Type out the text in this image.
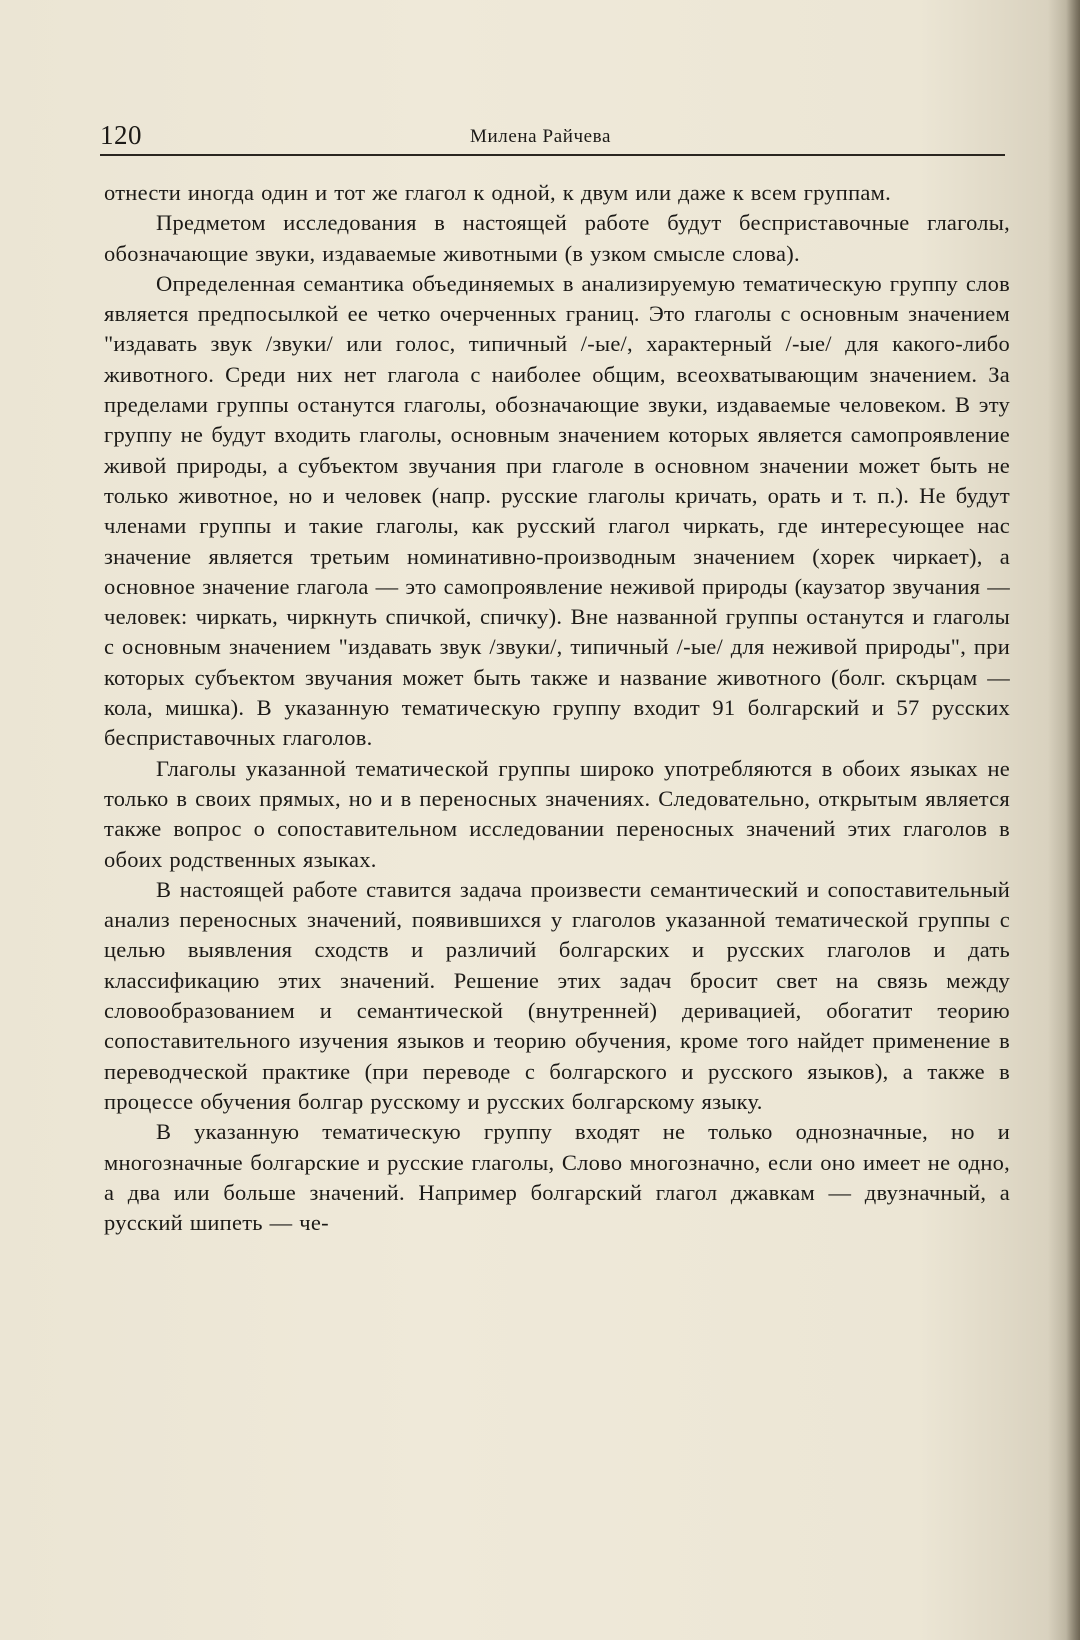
120	Милена Райчева

отнести иногда один и тот же глагол к одной, к двум или даже к всем группам.

Предметом исследования в настоящей работе будут бесприставочные глаголы, обозначающие звуки, издаваемые животными (в узком смысле слова).

Определенная семантика объединяемых в анализируемую тематическую группу слов является предпосылкой ее четко очерченных границ. Это глаголы с основным значением "издавать звук /звуки/ или голос, типичный /-ые/, характерный /-ые/ для какого-либо животного. Среди них нет глагола с наиболее общим, всеохватывающим значением. За пределами группы останутся глаголы, обозначающие звуки, издаваемые человеком. В эту группу не будут входить глаголы, основным значением которых является самопроявление живой природы, а субъектом звучания при глаголе в основном значении может быть не только животное, но и человек (напр. русские глаголы кричать, орать и т. п.). Не будут членами группы и такие глаголы, как русский глагол чиркать, где интересующее нас значение является третьим номинативно-производным значением (хорек чиркает), а основное значение глагола — это самопроявление неживой природы (каузатор звучания — человек: чиркать, чиркнуть спичкой, спичку). Вне названной группы останутся и глаголы с основным значением "издавать звук /звуки/, типичный /-ые/ для неживой природы", при которых субъектом звучания может быть также и название животного (болг. скърцам — кола, мишка). В указанную тематическую группу входит 91 болгарский и 57 русских бесприставочных глаголов.

Глаголы указанной тематической группы широко употребляются в обоих языках не только в своих прямых, но и в переносных значениях. Следовательно, открытым является также вопрос о сопоставительном исследовании переносных значений этих глаголов в обоих родственных языках.

В настоящей работе ставится задача произвести семантический и сопоставительный анализ переносных значений, появившихся у глаголов указанной тематической группы с целью выявления сходств и различий болгарских и русских глаголов и дать классификацию этих значений. Решение этих задач бросит свет на связь между словообразованием и семантической (внутренней) деривацией, обогатит теорию сопоставительного изучения языков и теорию обучения, кроме того найдет применение в переводческой практике (при переводе с болгарского и русского языков), а также в процессе обучения болгар русскому и русских болгарскому языку.

В указанную тематическую группу входят не только однозначные, но и многозначные болгарские и русские глаголы, Слово многозначно, если оно имеет не одно, а два или больше значений. Например болгарский глагол джавкам — двузначный, а русский шипеть — че-
